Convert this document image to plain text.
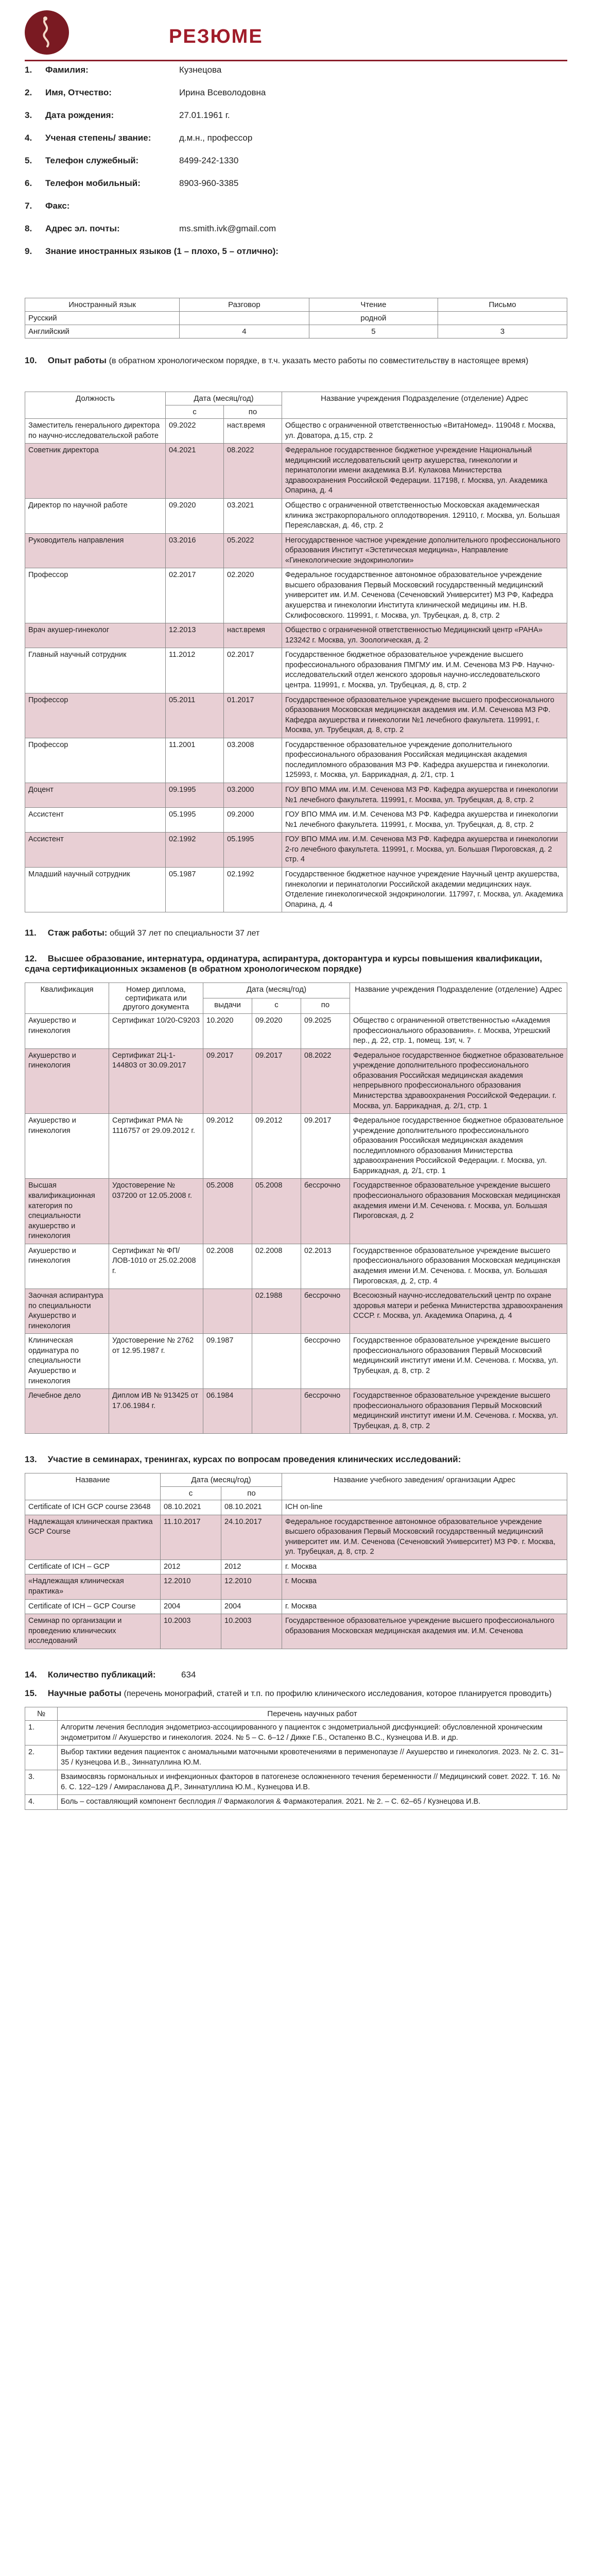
РЕЗЮМЕ
1.	Фамилия:	Кузнецова
2.	Имя, Отчество:	Ирина Всеволодовна
3.	Дата рождения:	27.01.1961 г.
4.	Ученая степень/ звание:	д.м.н., профессор
5.	Телефон служебный:	8499-242-1330
6.	Телефон мобильный:	8903-960-3385
7.	Факс:
8.	Адрес эл. почты:	ms.smith.ivk@gmail.com
9.	Знание иностранных языков (1 – плохо, 5 – отлично):
Иностранный язык	Разговор	Чтение	Письмо
Русский		родной	
Английский	4	5	3
10. Опыт работы (в обратном хронологическом порядке, в т.ч. указать место работы по совместительству в настоящее время)
Должность	Дата (месяц/год)		Название учреждения Подразделение (отделение) Адрес
	с	по	
Заместитель генерального директора по научно-исследовательской работе	09.2022	наст.время	Общество с ограниченной ответственностью «ВитаНомед». 119048 г. Москва, ул. Доватора, д.15, стр. 2
Советник директора	04.2021	08.2022	Федеральное государственное бюджетное учреждение Национальный медицинский исследовательский центр акушерства, гинекологии и перинатологии имени академика В.И. Кулакова Министерства здравоохранения Российской Федерации. 117198, г. Москва, ул. Академика Опарина, д. 4
Директор по научной работе	09.2020	03.2021	Общество с ограниченной ответственностью Московская академическая клиника экстракорпорального оплодотворения. 129110, г. Москва, ул. Большая Переяславская, д. 46, стр. 2
Руководитель направления	03.2016	05.2022	Негосударственное частное учреждение дополнительного профессионального образования Институт «Эстетическая медицина», Направление «Гинекологические эндокринологии»
Профессор	02.2017	02.2020	Федеральное государственное автономное образовательное учреждение высшего образования Первый Московский государственный медицинский университет им. И.М. Сеченова (Сеченовский Университет) МЗ РФ, Кафедра акушерства и гинекологии Института клинической медицины им. Н.В. Склифосовского. 119991, г. Москва, ул. Трубецкая, д. 8, стр. 2
Врач акушер-гинеколог	12.2013	наст.время	Общество с ограниченной ответственностью Медицинский центр «РАНА» 123242 г. Москва, ул. Зоологическая, д. 2
Главный научный сотрудник	11.2012	02.2017	Государственное бюджетное образовательное учреждение высшего профессионального образования ПМГМУ им. И.М. Сеченова МЗ РФ. Научно-исследовательский отдел женского здоровья научно-исследовательского центра. 119991, г. Москва, ул. Трубецкая, д. 8, стр. 2
Профессор	05.2011	01.2017	Государственное образовательное учреждение высшего профессионального образования Московская медицинская академия им. И.М. Сеченова МЗ РФ. Кафедра акушерства и гинекологии №1 лечебного факультета. 119991, г. Москва, ул. Трубецкая, д. 8, стр. 2
Профессор	11.2001	03.2008	Государственное образовательное учреждение дополнительного профессионального образования Российская медицинская академия последипломного образования МЗ РФ. Кафедра акушерства и гинекологии. 125993, г. Москва, ул. Баррикадная, д. 2/1, стр. 1
Доцент	09.1995	03.2000	ГОУ ВПО ММА им. И.М. Сеченова МЗ РФ. Кафедра акушерства и гинекологии №1 лечебного факультета. 119991, г. Москва, ул. Трубецкая, д. 8, стр. 2
Ассистент	05.1995	09.2000	ГОУ ВПО ММА им. И.М. Сеченова МЗ РФ. Кафедра акушерства и гинекологии №1 лечебного факультета. 119991, г. Москва, ул. Трубецкая, д. 8, стр. 2
Ассистент	02.1992	05.1995	ГОУ ВПО ММА им. И.М. Сеченова МЗ РФ. Кафедра акушерства и гинекологии 2-го лечебного факультета. 119991, г. Москва, ул. Большая Пироговская, д. 2 стр. 4
Младший научный сотрудник	05.1987	02.1992	Государственное бюджетное научное учреждение Научный центр акушерства, гинекологии и перинатологии Российской академии медицинских наук. Отделение гинекологической эндокринологии. 117997, г. Москва, ул. Академика Опарина, д. 4
11. Стаж работы: общий 37 лет по специальности 37 лет
12. Высшее образование, интернатура, ординатура, аспирантура, докторантура и курсы повышения квалификации, сдача сертификационных экзаменов (в обратном хронологическом порядке)
Квалификация	Номер диплома, сертификата или другого документа	Дата (месяц/год)			Название учреждения Подразделение (отделение) Адрес
		выдачи	с	по	
Акушерство и гинекология	Сертификат 10/20-С9203	10.2020	09.2020	09.2025	Общество с ограниченной ответственностью «Академия профессионального образования». г. Москва, Угрешский пер., д. 22, стр. 1, помещ. 1эт, ч. 7
Акушерство и гинекология	Сертификат 2Ц-1-144803 от 30.09.2017	09.2017	09.2017	08.2022	Федеральное государственное бюджетное образовательное учреждение дополнительного профессионального образования Российская медицинская академия непрерывного профессионального образования Министерства здравоохранения Российской Федерации. г. Москва, ул. Баррикадная, д. 2/1, стр. 1
Акушерство и гинекология	Сертификат РМА № 1116757 от 29.09.2012 г.	09.2012	09.2012	09.2017	Федеральное государственное бюджетное образовательное учреждение дополнительного профессионального образования Российская медицинская академия последипломного образования Министерства здравоохранения Российской Федерации. г. Москва, ул. Баррикадная, д. 2/1, стр. 1
Высшая квалификационная категория по специальности акушерство и гинекология	Удостоверение № 037200 от 12.05.2008 г.	05.2008	05.2008	бессрочно	Государственное образовательное учреждение высшего профессионального образования Московская медицинская академия имени И.М. Сеченова. г. Москва, ул. Большая Пироговская, д. 2
Акушерство и гинекология	Сертификат № ФП/ЛОВ-1010 от 25.02.2008 г.	02.2008	02.2008	02.2013	Государственное образовательное учреждение высшего профессионального образования Московская медицинская академия имени И.М. Сеченова. г. Москва, ул. Большая Пироговская, д. 2, стр. 4
Заочная аспирантура по специальности Акушерство и гинекология			02.1988	бессрочно	Всесоюзный научно-исследовательский центр по охране здоровья матери и ребенка Министерства здравоохранения СССР. г. Москва, ул. Академика Опарина, д. 4
Клиническая ординатура по специальности Акушерство и гинекология	Удостоверение № 2762 от 12.95.1987 г.	09.1987		бессрочно	Государственное образовательное учреждение высшего профессионального образования Первый Московский медицинский институт имени И.М. Сеченова. г. Москва, ул. Трубецкая, д. 8, стр. 2
Лечебное дело	Диплом ИВ № 913425 от 17.06.1984 г.	06.1984		бессрочно	Государственное образовательное учреждение высшего профессионального образования Первый Московский медицинский институт имени И.М. Сеченова. г. Москва, ул. Трубецкая, д. 8, стр. 2
13. Участие в семинарах, тренингах, курсах по вопросам проведения клинических исследований:
Название	Дата (месяц/год)		Название учебного заведения/ организации Адрес
	с	по	
Certificate of ICH GCP course 23648	08.10.2021	08.10.2021	ICH on-line
Надлежащая клиническая практика GCP Course	11.10.2017	24.10.2017	Федеральное государственное автономное образовательное учреждение высшего образования Первый Московский государственный медицинский университет им. И.М. Сеченова (Сеченовский Университет) МЗ РФ. г. Москва, ул. Трубецкая, д. 8, стр. 2
Certificate of ICH – GCP	2012	2012	г. Москва
«Надлежащая клиническая практика»	12.2010	12.2010	г. Москва
Certificate of ICH – GCP Course	2004	2004	г. Москва
Семинар по организации и проведению клинических исследований	10.2003	10.2003	Государственное образовательное учреждение высшего профессионального образования Московская медицинская академия им. И.М. Сеченова
14. Количество публикаций:	634
15. Научные работы (перечень монографий, статей и т.п. по профилю клинического исследования, которое планируется проводить)
№	Перечень научных работ
1.	Алгоритм лечения бесплодия эндометриоз-ассоциированного у пациенток с эндометриальной дисфункцией: обусловленной хроническим эндометритом // Акушерство и гинекология. 2024. № 5 – С. 6–12 / Дикке Г.Б., Остапенко В.С., Кузнецова И.В. и др.
2.	Выбор тактики ведения пациенток с аномальными маточными кровотечениями в перименопаузе // Акушерство и гинекология. 2023. № 2. С. 31–35 / Кузнецова И.В., Зиннатуллина Ю.М.
3.	Взаимосвязь гормональных и инфекционных факторов в патогенезе осложненного течения беременности // Медицинский совет. 2022. Т. 16. № 6. С. 122–129 / Амирасланова Д.Р., Зиннатуллина Ю.М., Кузнецова И.В.
4.	Боль – составляющий компонент бесплодия // Фармакология & Фармакотерапия. 2021. № 2. – С. 62–65 / Кузнецова И.В.
